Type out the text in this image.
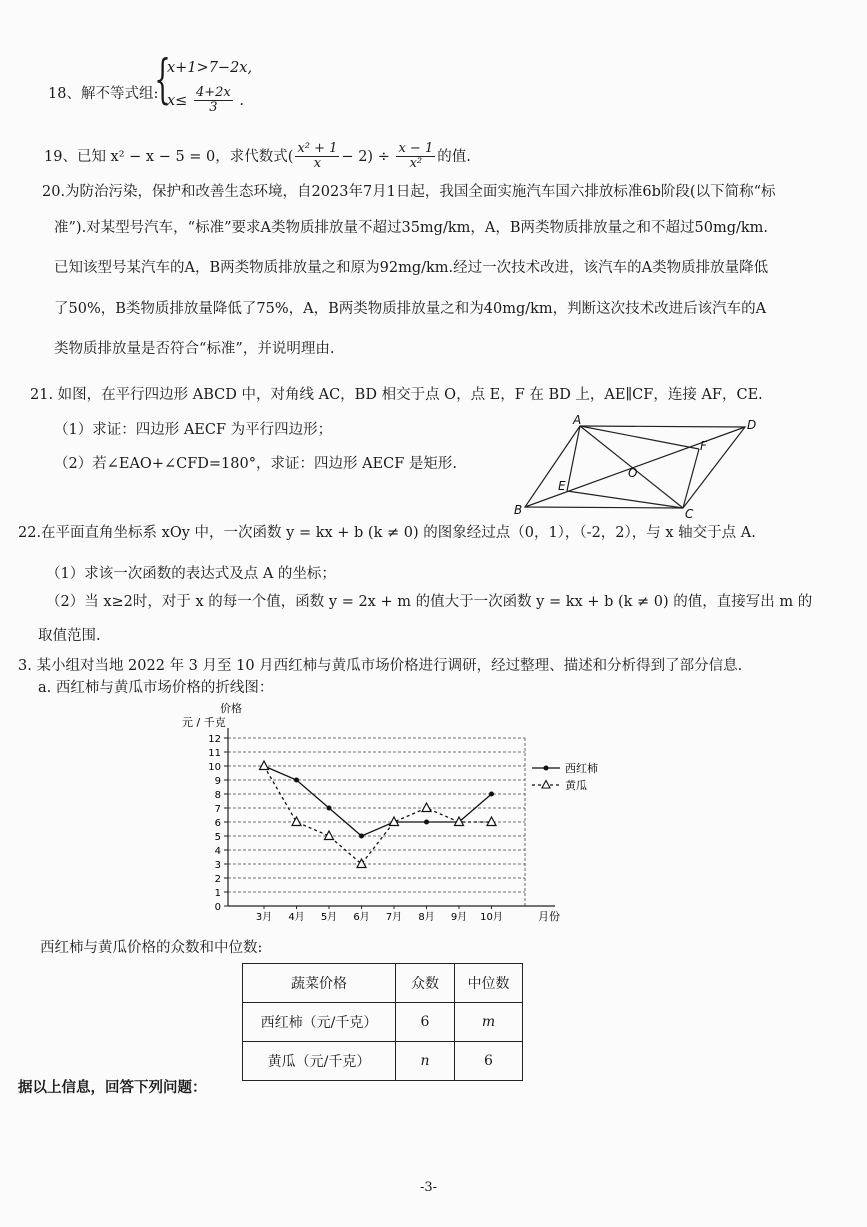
18、解不等式组:
{
x+1>7−2x,
$x\le \frac{4+2x}{3}$ .
19、已知 x² − x − 5 = 0，求代数式( $\frac{\text{x² + 1}}{x} - 2) \div \frac{x - 1}{\text{x²}}$ 的值.
20.为防治污染，保护和改善生态环境，自2023年7月1日起，我国全面实施汽车国六排放标准6b阶段(以下简称“标
准”).对某型号汽车，“标准”要求A类物质排放量不超过35mg/km，A，B两类物质排放量之和不超过50mg/km.
已知该型号某汽车的A，B两类物质排放量之和原为92mg/km.经过一次技术改进，该汽车的A类物质排放量降低
了50%，B类物质排放量降低了75%，A，B两类物质排放量之和为40mg/km，判断这次技术改进后该汽车的A
类物质排放量是否符合“标准”，并说明理由.
21. 如图，在平行四边形 ABCD 中，对角线 AC，BD 相交于点 O，点 E，F 在 BD 上，AE∥CF，连接 AF，CE.
（1）求证：四边形 AECF 为平行四边形；
（2）若∠EAO+∠CFD=180°，求证：四边形 AECF 是矩形.
A	D
F
O
E
B	C
22.在平面直角坐标系 xOy 中，一次函数 y = kx + b (k ≠ 0) 的图象经过点（0，1），（-2，2），与 x 轴交于点 A.
（1）求该一次函数的表达式及点 A 的坐标；
（2）当 x≥2时，对于 x 的每一个值，函数 y = 2x + m 的值大于一次函数 y = kx + b (k ≠ 0) 的值，直接写出 m 的
取值范围.
3. 某小组对当地 2022 年 3 月至 10 月西红柿与黄瓜市场价格进行调研，经过整理、描述和分析得到了部分信息.
a. 西红柿与黄瓜市场价格的折线图：
0
1
2
3
4
5
6
7
8
9
10
11
12
3月 4月 5月 6月 7月 8月 9月 10月
价格
元 / 千克
月份
西红柿
黄瓜
西红柿与黄瓜价格的众数和中位数:
蔬菜价格	众数	中位数
西红柿（元/千克）	6	m
黄瓜（元/千克）	n	6
据以上信息，回答下列问题：
-3-
